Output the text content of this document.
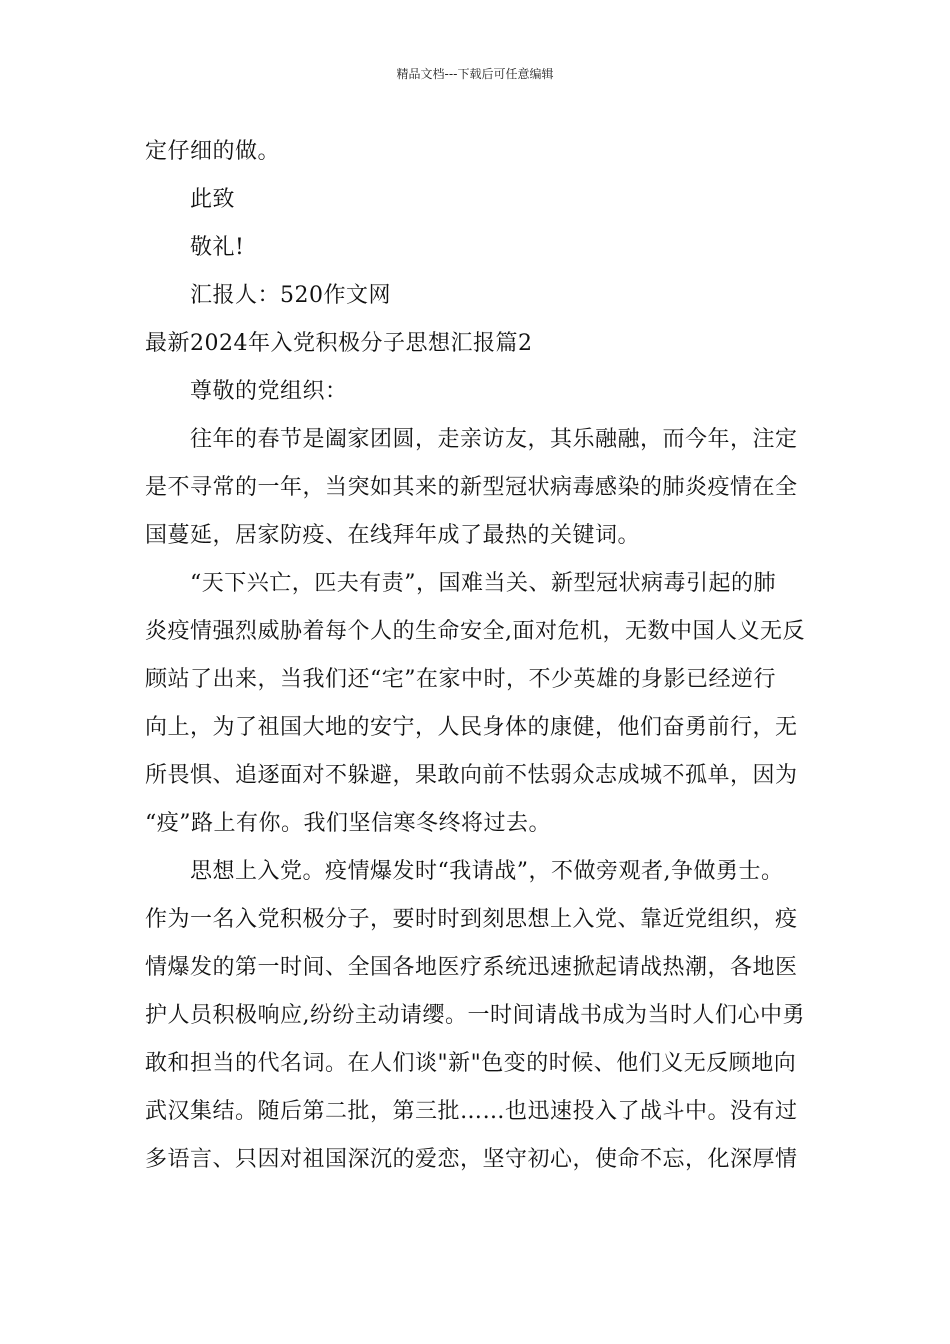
精品文档---下载后可任意编辑

定仔细的做。

此致

敬礼!

汇报人：520作文网

最新2024年入党积极分子思想汇报篇2

尊敬的党组织：

往年的春节是阖家团圆，走亲访友，其乐融融，而今年，注定
是不寻常的一年，当突如其来的新型冠状病毒感染的肺炎疫情在全
国蔓延，居家防疫、在线拜年成了最热的关键词。

“天下兴亡，匹夫有责”，国难当关、新型冠状病毒引起的肺
炎疫情强烈威胁着每个人的生命安全,面对危机，无数中国人义无反
顾站了出来，当我们还“宅”在家中时，不少英雄的身影已经逆行
向上，为了祖国大地的安宁，人民身体的康健，他们奋勇前行，无
所畏惧、追逐面对不躲避，果敢向前不怯弱众志成城不孤单，因为
“疫”路上有你。我们坚信寒冬终将过去。

思想上入党。疫情爆发时“我请战”，不做旁观者,争做勇士。
作为一名入党积极分子，要时时到刻思想上入党、靠近党组织，疫
情爆发的第一时间、全国各地医疗系统迅速掀起请战热潮，各地医
护人员积极响应,纷纷主动请缨。一时间请战书成为当时人们心中勇
敢和担当的代名词。在人们谈"新"色变的时候、他们义无反顾地向
武汉集结。随后第二批，第三批……也迅速投入了战斗中。没有过
多语言、只因对祖国深沉的爱恋，坚守初心，使命不忘，化深厚情
